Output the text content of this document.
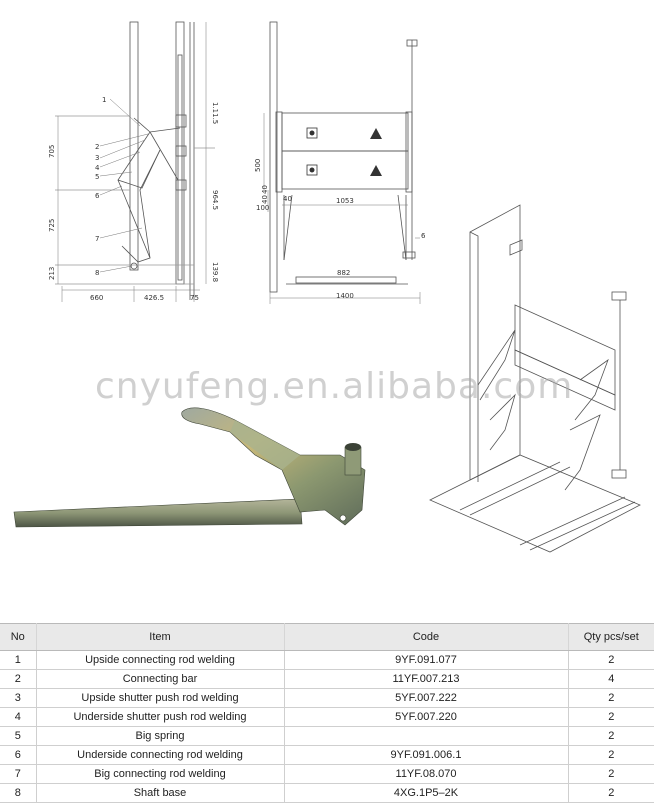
1
2
3
4
5
6
7
8
705
725
213
1.11.5
964.5
139.8
660	426.5	75
500
40
40
100
40	1053
882
1400
6
cnyufeng.en.alibaba.com
No	Item	Code	Qty pcs/set
1	Upside connecting rod welding	9YF.091.077	2
2	Connecting bar	11YF.007.213	4
3	Upside shutter push rod welding	5YF.007.222	2
4	Underside shutter push rod welding	5YF.007.220	2
5	Big spring		2
6	Underside connecting rod welding	9YF.091.006.1	2
7	Big connecting rod welding	11YF.08.070	2
8	Shaft base	4XG.1P5–2K	2
